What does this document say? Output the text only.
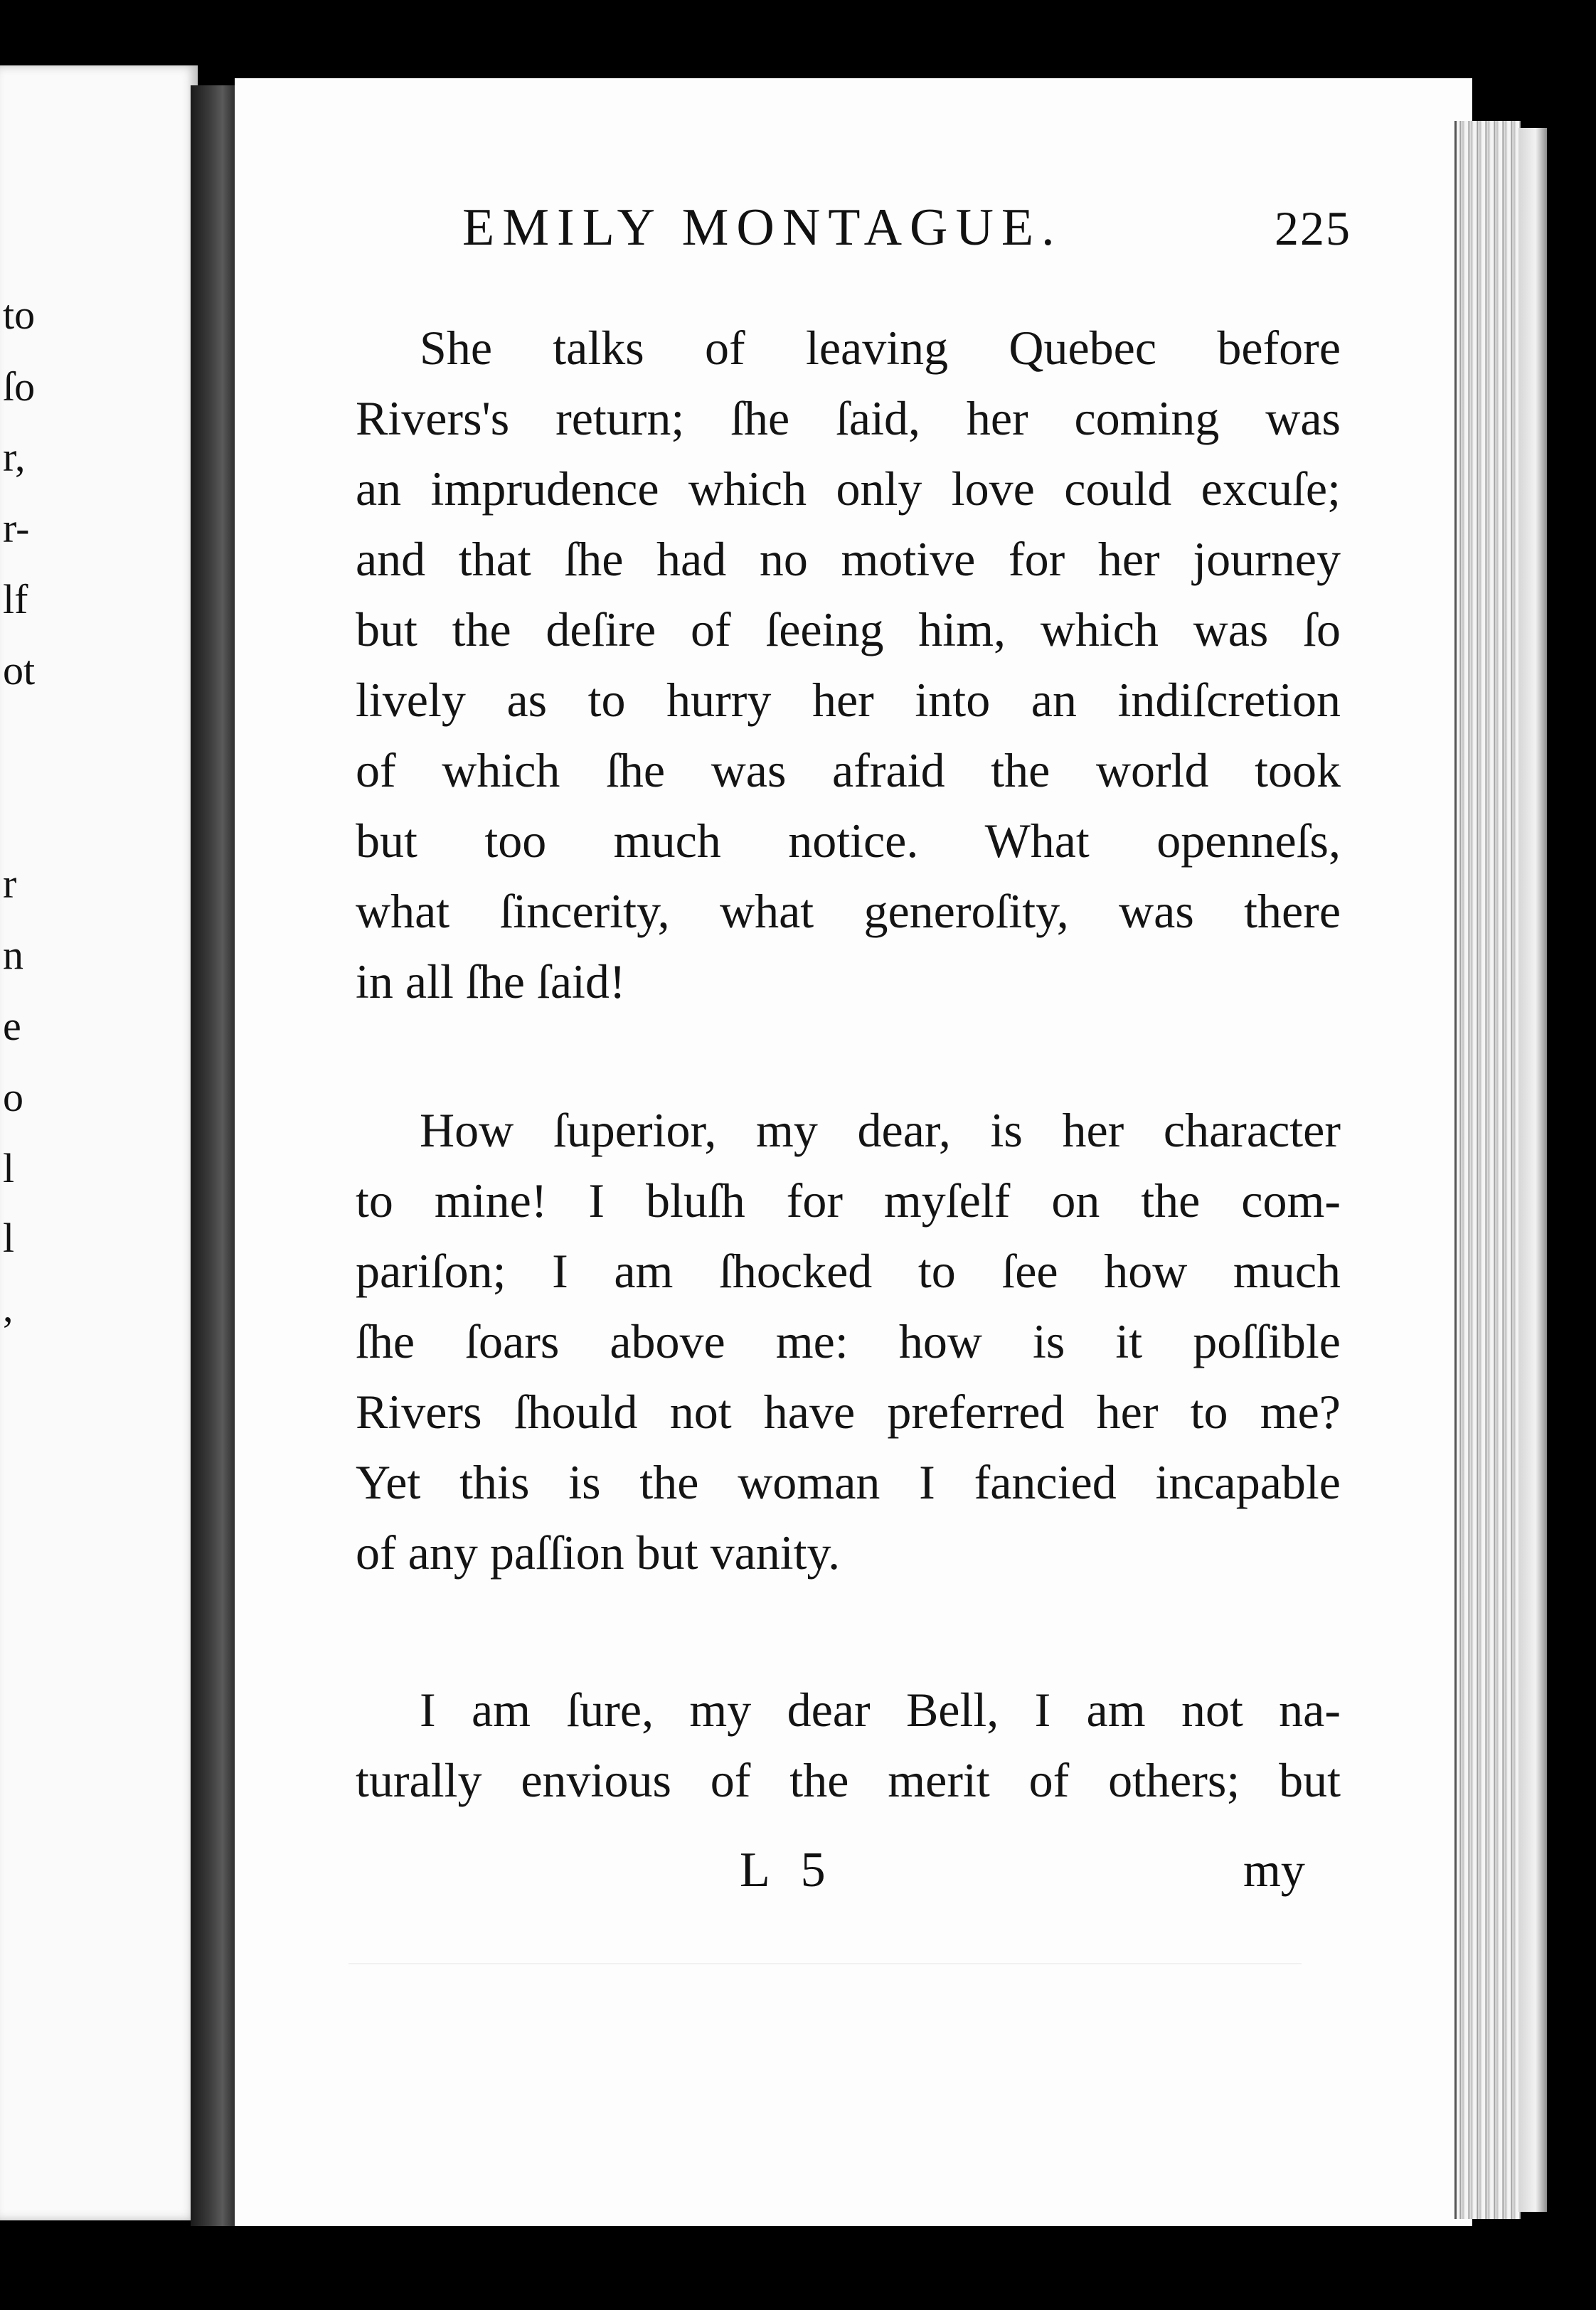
to
ſo
r,
r-
lf
ot
r
n
e
o
l
l
,
EMILY MONTAGUE.	225
She talks of leaving Quebec before
Rivers's return; ſhe ſaid, her coming was
an imprudence which only love could excuſe;
and that ſhe had no motive for her journey
but the deſire of ſeeing him, which was ſo
lively as to hurry her into an indiſcretion
of which ſhe was afraid the world took
but too much notice. What openneſs,
what ſincerity, what generoſity, was there
in all ſhe ſaid!
How ſuperior, my dear, is her character
to mine! I bluſh for myſelf on the com-
pariſon; I am ſhocked to ſee how much
ſhe ſoars above me: how is it poſſible
Rivers ſhould not have preferred her to me?
Yet this is the woman I fancied incapable
of any paſſion but vanity.
I am ſure, my dear Bell, I am not na-
turally envious of the merit of others; but
L 5	my
